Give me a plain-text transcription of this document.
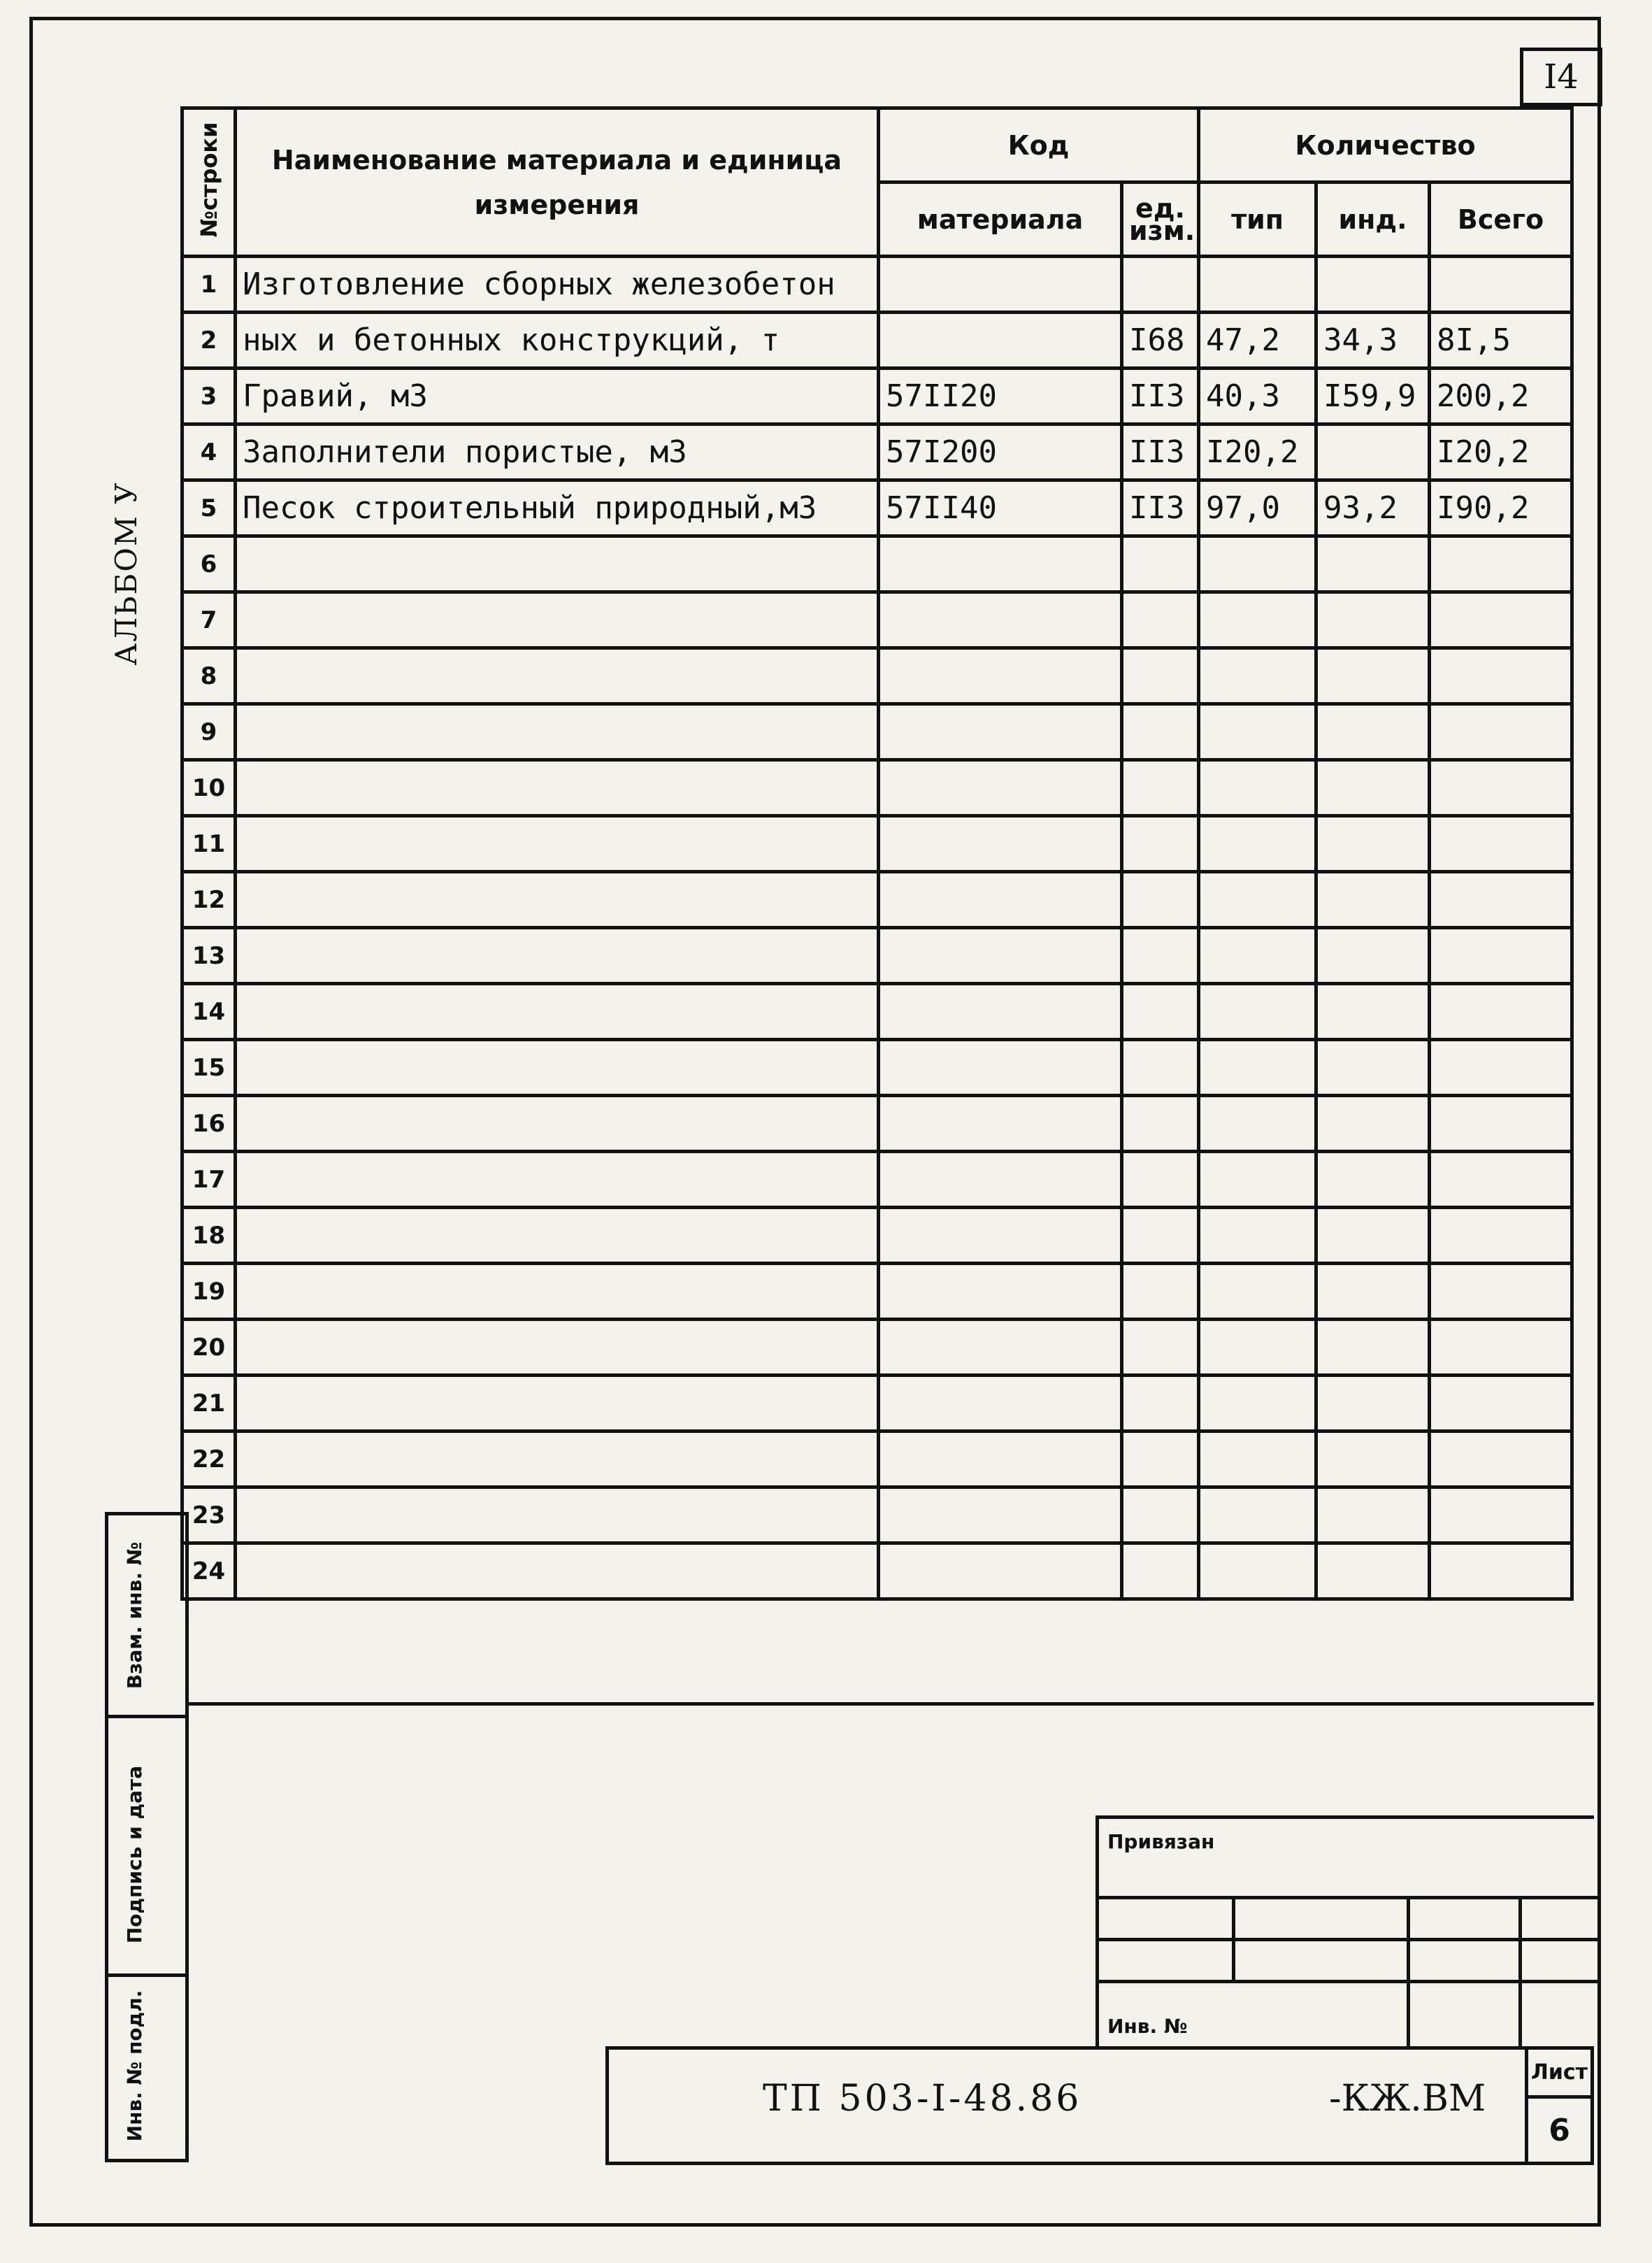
I4
АЛЬБОМ У
№строки	Наименование материала и единица измерения	Код		Количество		
		материала	ед. изм.	тип	инд.	Всего
1	Изготовление сборных железобетон					
2	ных и бетонных конструкций, т		I68	47,2	34,3	8I,5
3	Гравий, м3	57II20	II3	40,3	I59,9	200,2
4	Заполнители пористые, м3	57I200	II3	I20,2		I20,2
5	Песок строительный природный,м3	57II40	II3	97,0	93,2	I90,2
6						
7						
8						
9						
10						
11						
12						
13						
14						
15						
16						
17						
18						
19						
20						
21						
22						
23						
24						
Взам. инв. №
Подпись и дата
Инв. № подл.
Привязан
Инв. №
ТП 503-I-48.86	-КЖ.ВМ
Лист
6
